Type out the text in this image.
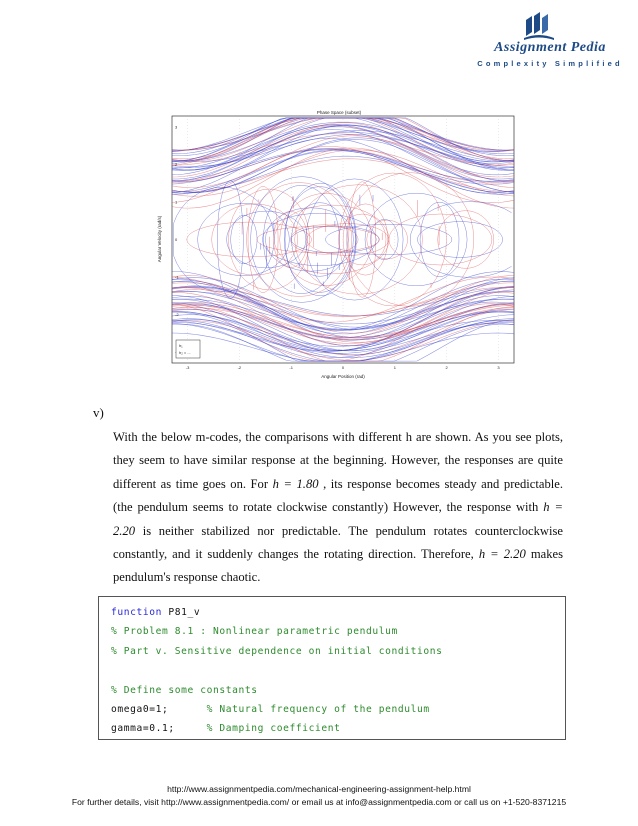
Assignment Pedia
Complexity Simplified
-3	-2	-1	0	1	2	3
3
2
1
0
-1
-2
Phase Space (subset)
Angular Position (rad)
Angular Velocity (rad/s)
h₁
h₂ = ...
v)
With the below m-codes, the comparisons with different h are shown. As you see plots, they seem to have similar response at the beginning. However, the responses are quite different as time goes on. For h = 1.80 , its response becomes steady and predictable. (the pendulum seems to rotate clockwise constantly) However, the response with h = 2.20 is neither stabilized nor predictable. The pendulum rotates counterclockwise constantly, and it suddenly changes the rotating direction. Therefore, h = 2.20 makes pendulum's response chaotic.
function P81_v
% Problem 8.1 : Nonlinear parametric pendulum
% Part v. Sensitive dependence on initial conditions
% Define some constants
omega0=1;      % Natural frequency of the pendulum
gamma=0.1;     % Damping coefficient
http://www.assignmentpedia.com/mechanical-engineering-assignment-help.html
For further details, visit http://www.assignmentpedia.com/ or email us at info@assignmentpedia.com or call us on +1-520-8371215
